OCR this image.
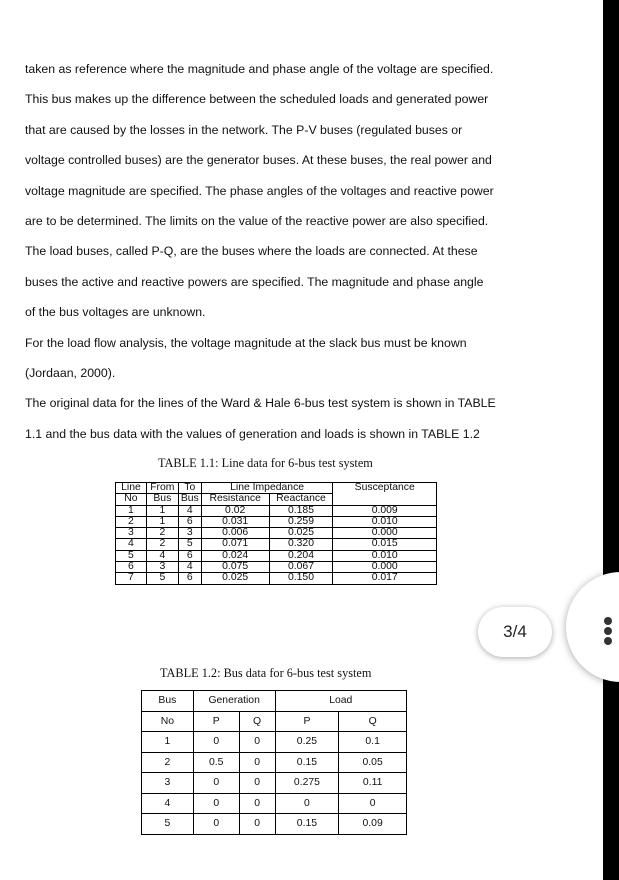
taken as reference where the magnitude and phase angle of the voltage are specified.

This bus makes up the difference between the scheduled loads and generated power

that are caused by the losses in the network. The P-V buses (regulated buses or

voltage controlled buses) are the generator buses. At these buses, the real power and

voltage magnitude are specified. The phase angles of the voltages and reactive power

are to be determined. The limits on the value of the reactive power are also specified.

The load buses, called P-Q, are the buses where the loads are connected. At these

buses the active and reactive powers are specified. The magnitude and phase angle

of the bus voltages are unknown.

For the load flow analysis, the voltage magnitude at the slack bus must be known

(Jordaan, 2000).

The original data for the lines of the Ward & Hale 6-bus test system is shown in TABLE

1.1 and the bus data with the values of generation and loads is shown in TABLE 1.2

TABLE 1.1: Line data for 6-bus test system
Line	From	To	Line Impedance		Susceptance
No	Bus	Bus	Resistance	Reactance	
1	1	4	0.02	0.185	0.009
2	1	6	0.031	0.259	0.010
3	2	3	0.006	0.025	0.000
4	2	5	0.071	0.320	0.015
5	4	6	0.024	0.204	0.010
6	3	4	0.075	0.067	0.000
7	5	6	0.025	0.150	0.017
TABLE 1.2: Bus data for 6-bus test system
Bus	Generation		Load	
No	P	Q	P	Q
1	0	0	0.25	0.1
2	0.5	0	0.15	0.05
3	0	0	0.275	0.11
4	0	0	0	0
5	0	0	0.15	0.09
3/4
